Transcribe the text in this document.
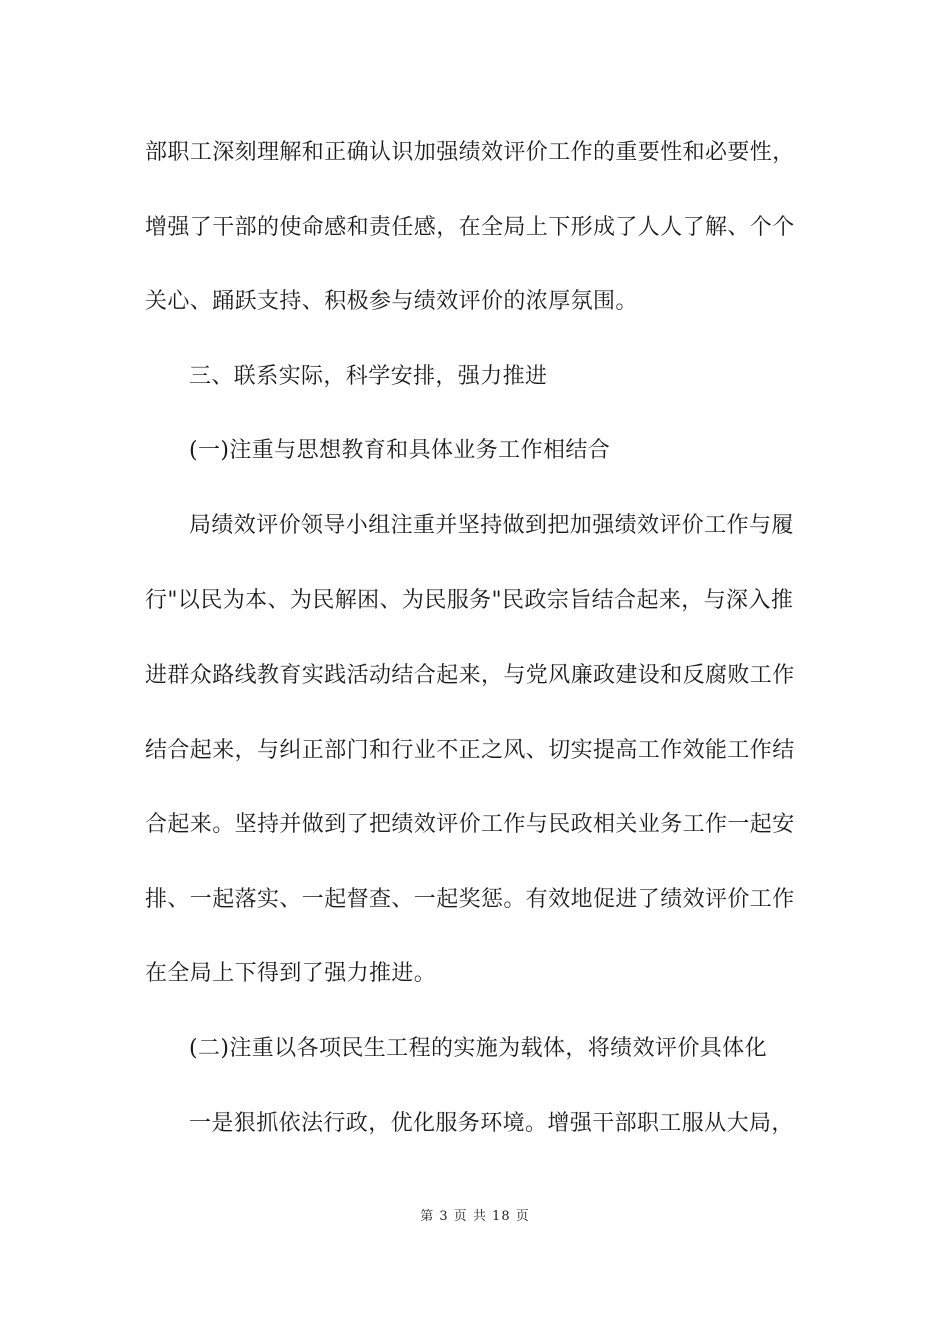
部职工深刻理解和正确认识加强绩效评价工作的重要性和必要性，
增强了干部的使命感和责任感，在全局上下形成了人人了解、个个
关心、踊跃支持、积极参与绩效评价的浓厚氛围。
三、联系实际，科学安排，强力推进
(一)注重与思想教育和具体业务工作相结合
局绩效评价领导小组注重并坚持做到把加强绩效评价工作与履
行"以民为本、为民解困、为民服务"民政宗旨结合起来，与深入推
进群众路线教育实践活动结合起来，与党风廉政建设和反腐败工作
结合起来，与纠正部门和行业不正之风、切实提高工作效能工作结
合起来。坚持并做到了把绩效评价工作与民政相关业务工作一起安
排、一起落实、一起督查、一起奖惩。有效地促进了绩效评价工作
在全局上下得到了强力推进。
(二)注重以各项民生工程的实施为载体，将绩效评价具体化
一是狠抓依法行政，优化服务环境。增强干部职工服从大局，
第 3 页 共 18 页
